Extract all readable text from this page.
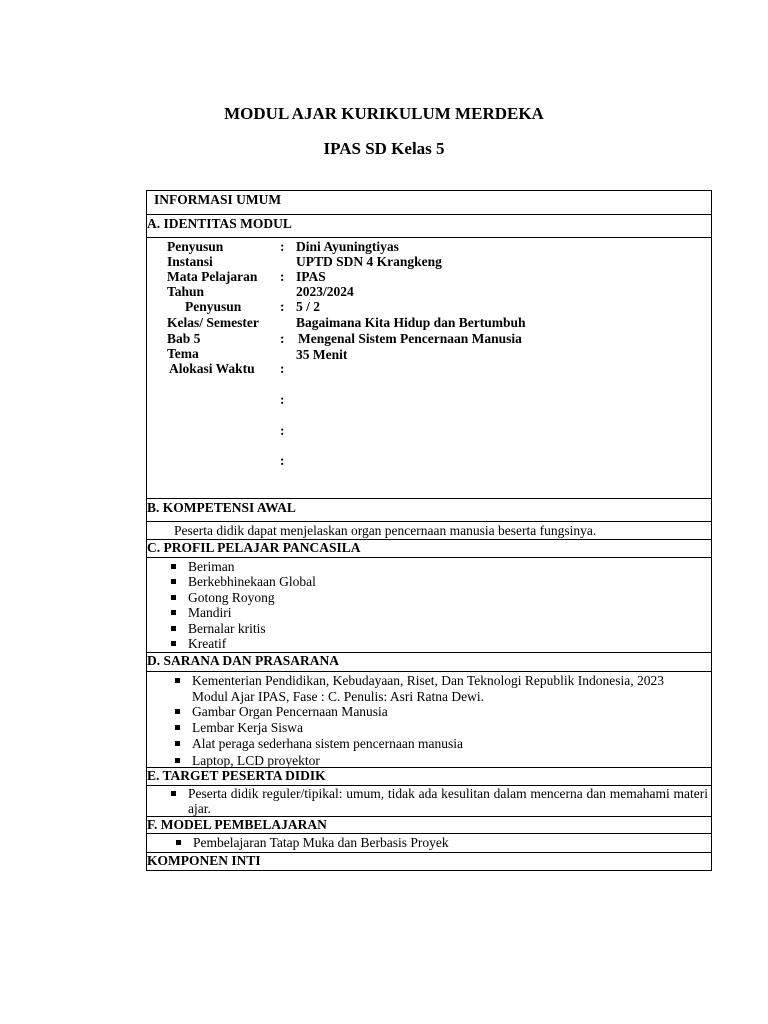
MODUL AJAR KURIKULUM MERDEKA
IPAS SD Kelas 5
INFORMASI UMUM
A. IDENTITAS MODUL
Penyusun
Instansi
Mata Pelajaran
Tahun
Penyusun
Kelas/ Semester
Bab 5
Tema
Alokasi Waktu
:
:
:
:
:
:
:
:
Dini Ayuningtiyas
UPTD SDN 4 Krangkeng
IPAS
2023/2024
5 / 2
Bagaimana Kita Hidup dan Bertumbuh
Mengenal Sistem Pencernaan Manusia
35 Menit
B. KOMPETENSI AWAL
Peserta didik dapat menjelaskan organ pencernaan manusia beserta fungsinya.
C. PROFIL PELAJAR PANCASILA
Beriman
Berkebhinekaan Global
Gotong Royong
Mandiri
Bernalar kritis
Kreatif
D. SARANA DAN PRASARANA
Kementerian Pendidikan, Kebudayaan, Riset, Dan Teknologi Republik Indonesia, 2023 Modul Ajar IPAS, Fase : C. Penulis: Asri Ratna Dewi.
Gambar Organ Pencernaan Manusia
Lembar Kerja Siswa
Alat peraga sederhana sistem pencernaan manusia
Laptop, LCD proyektor
E. TARGET PESERTA DIDIK
Peserta didik reguler/tipikal: umum, tidak ada kesulitan dalam mencerna dan memahami materi ajar.
F. MODEL PEMBELAJARAN
Pembelajaran Tatap Muka dan Berbasis Proyek
KOMPONEN INTI
